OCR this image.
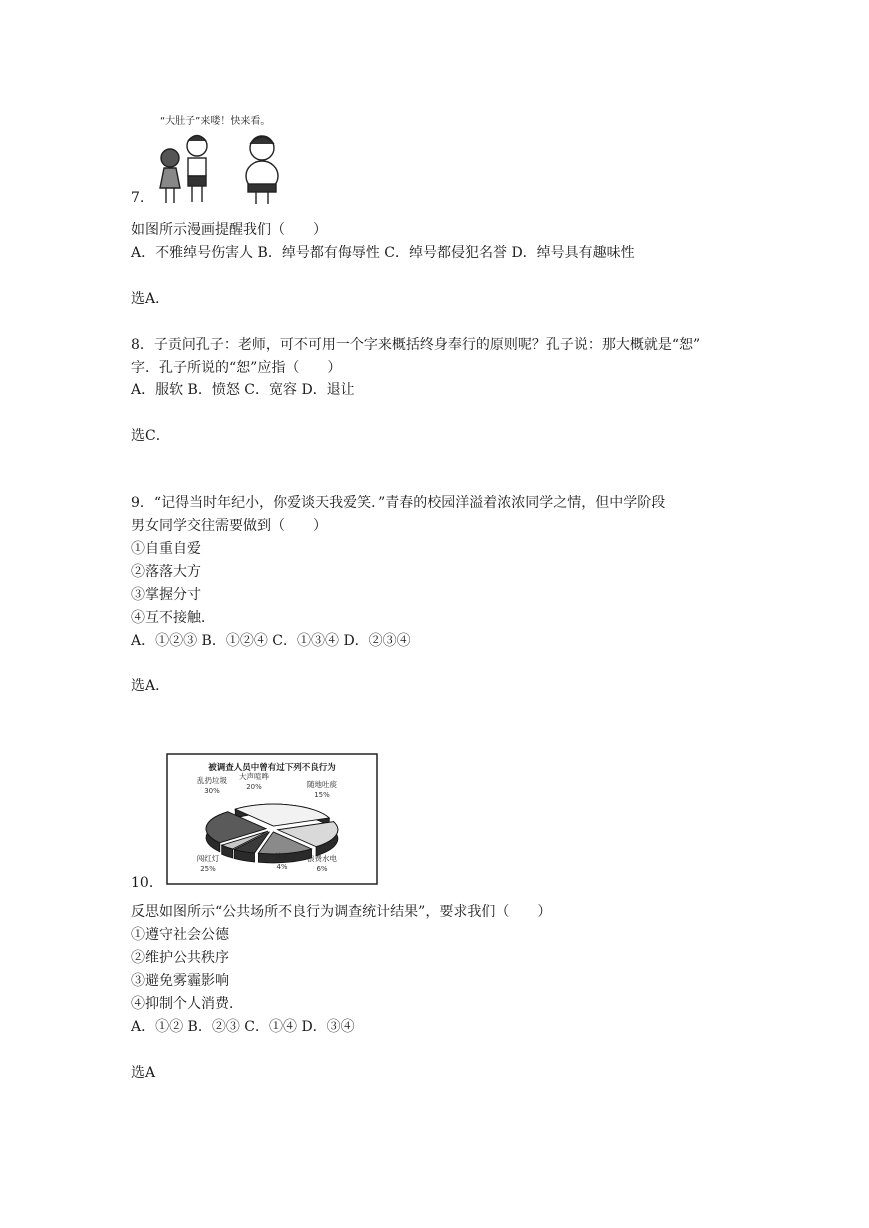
“大肚子”来喽！快来看。
7.
如图所示漫画提醒我们（　　）
A．不雅绰号伤害人 B．绰号都有侮辱性 C．绰号都侵犯名誉 D．绰号具有趣味性
选A．
8．子贡问孔子：老师，可不可用一个字来概括终身奉行的原则呢？孔子说：那大概就是“恕”
字．孔子所说的“恕”应指（　　）
A．服软 B．愤怒 C．宽容 D．退让
选C．
9．“记得当时年纪小，你爱谈天我爱笑．”青春的校园洋溢着浓浓同学之情，但中学阶段
男女同学交往需要做到（　　）
①自重自爱
②落落大方
③掌握分寸
④互不接触．
A．①②③ B．①②④ C．①③④ D．②③④
选A．
被调查人员中曾有过下列不良行为
乱扔垃圾
30%
大声喧哗
20%	随地吐痰
15%
浪费水电
6%
其它
4%
闯红灯
25%
10．
反思如图所示“公共场所不良行为调查统计结果”，要求我们（　　）
①遵守社会公德
②维护公共秩序
③避免雾霾影响
④抑制个人消费．
A．①② B．②③ C．①④ D．③④
选A
